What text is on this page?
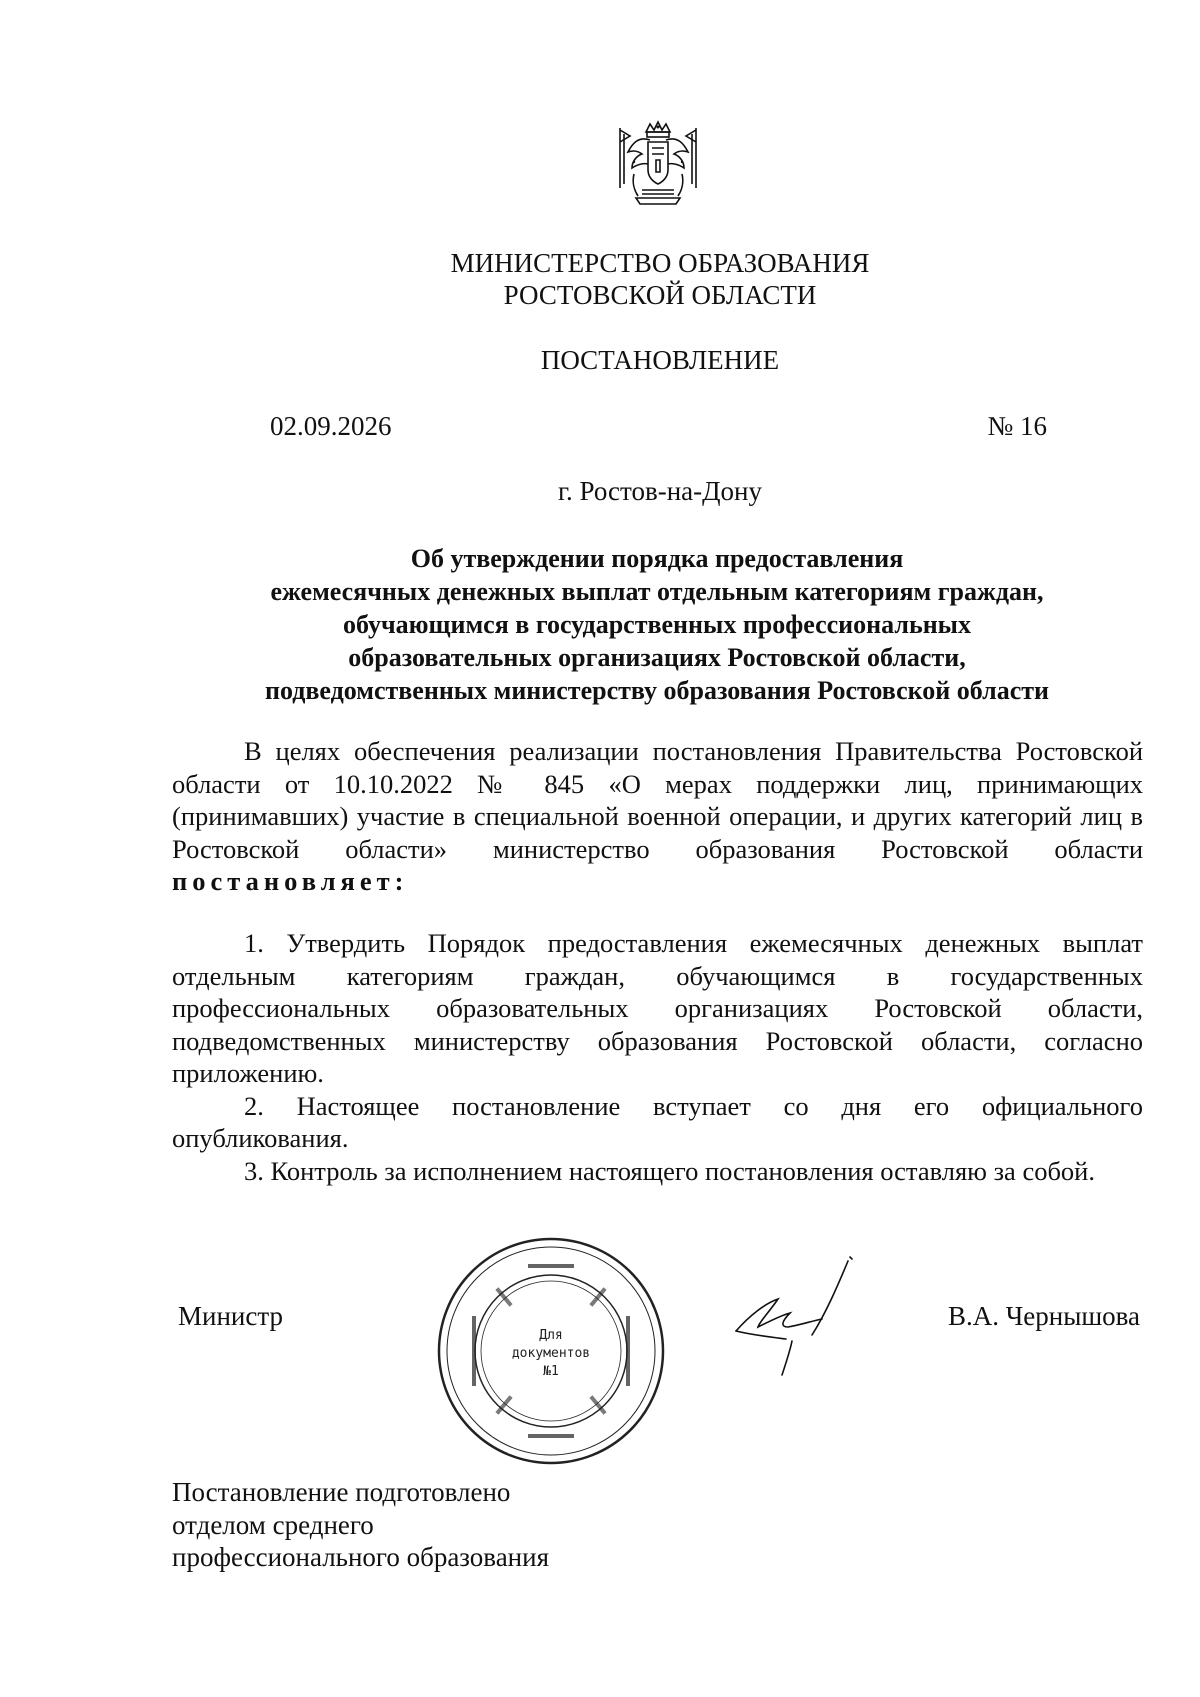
МИНИСТЕРСТВО ОБРАЗОВАНИЯ
РОСТОВСКОЙ ОБЛАСТИ
ПОСТАНОВЛЕНИЕ
02.09.2026	№ 16
г. Ростов-на-Дону
Об утверждении порядка предоставления
ежемесячных денежных выплат отдельным категориям граждан,
обучающимся в государственных профессиональных
образовательных организациях Ростовской области,
подведомственных министерству образования Ростовской области

В целях обеспечения реализации постановления Правительства Ростовской области от 10.10.2022 № 845 «О мерах поддержки лиц, принимающих (принимавших) участие в специальной военной операции, и других категорий лиц в Ростовской области» министерство образования Ростовской области постановляет:

1. Утвердить Порядок предоставления ежемесячных денежных выплат отдельным категориям граждан, обучающимся в государственных профессиональных образовательных организациях Ростовской области, подведомственных министерству образования Ростовской области, согласно приложению.

2. Настоящее постановление вступает со дня его официального опубликования.

3. Контроль за исполнением настоящего постановления оставляю за собой.

Министр
Для
документов
№1
В.А. Чернышова
Постановление подготовлено
отделом среднего
профессионального образования
